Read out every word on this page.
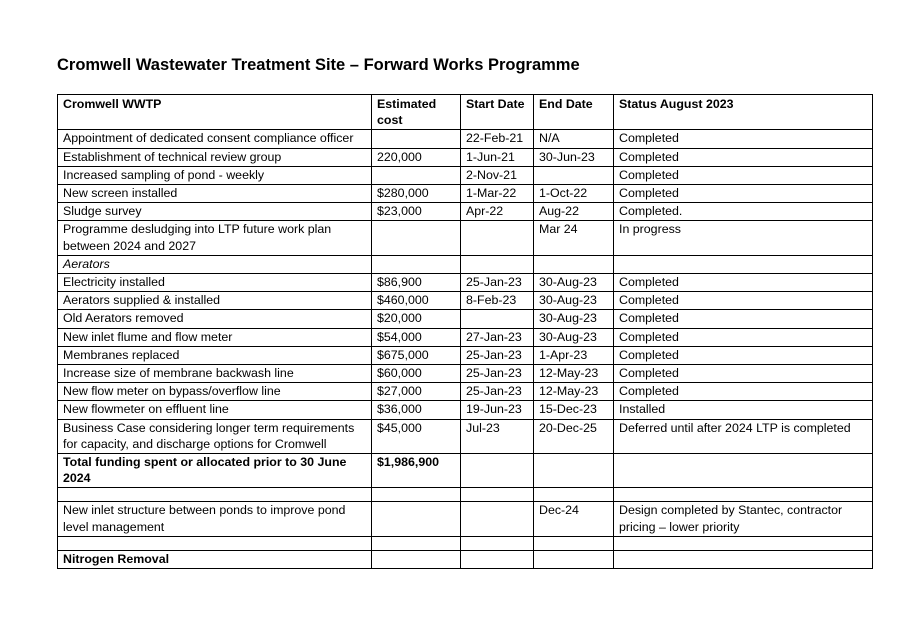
Cromwell Wastewater Treatment Site – Forward Works Programme
Cromwell WWTP	Estimated cost	Start Date	End Date	Status August 2023
Appointment of dedicated consent compliance officer		22-Feb-21	N/A	Completed
Establishment of technical review group	220,000	1-Jun-21	30-Jun-23	Completed
Increased sampling of pond - weekly		2-Nov-21		Completed
New screen installed	$280,000	1-Mar-22	1-Oct-22	Completed
Sludge survey	$23,000	Apr-22	Aug-22	Completed.
Programme desludging into LTP future work plan between 2024 and 2027			Mar 24	In progress
Aerators				
Electricity installed	$86,900	25-Jan-23	30-Aug-23	Completed
Aerators supplied & installed	$460,000	8-Feb-23	30-Aug-23	Completed
Old Aerators removed	$20,000		30-Aug-23	Completed
New inlet flume and flow meter	$54,000	27-Jan-23	30-Aug-23	Completed
Membranes replaced	$675,000	25-Jan-23	1-Apr-23	Completed
Increase size of membrane backwash line	$60,000	25-Jan-23	12-May-23	Completed
New flow meter on bypass/overflow line	$27,000	25-Jan-23	12-May-23	Completed
New flowmeter on effluent line	$36,000	19-Jun-23	15-Dec-23	Installed
Business Case considering longer term requirements for capacity, and discharge options for Cromwell	$45,000	Jul-23	20-Dec-25	Deferred until after 2024 LTP is completed
Total funding spent or allocated prior to 30 June 2024	$1,986,900			

New inlet structure between ponds to improve pond level management			Dec-24	Design completed by Stantec, contractor pricing – lower priority

Nitrogen Removal				
